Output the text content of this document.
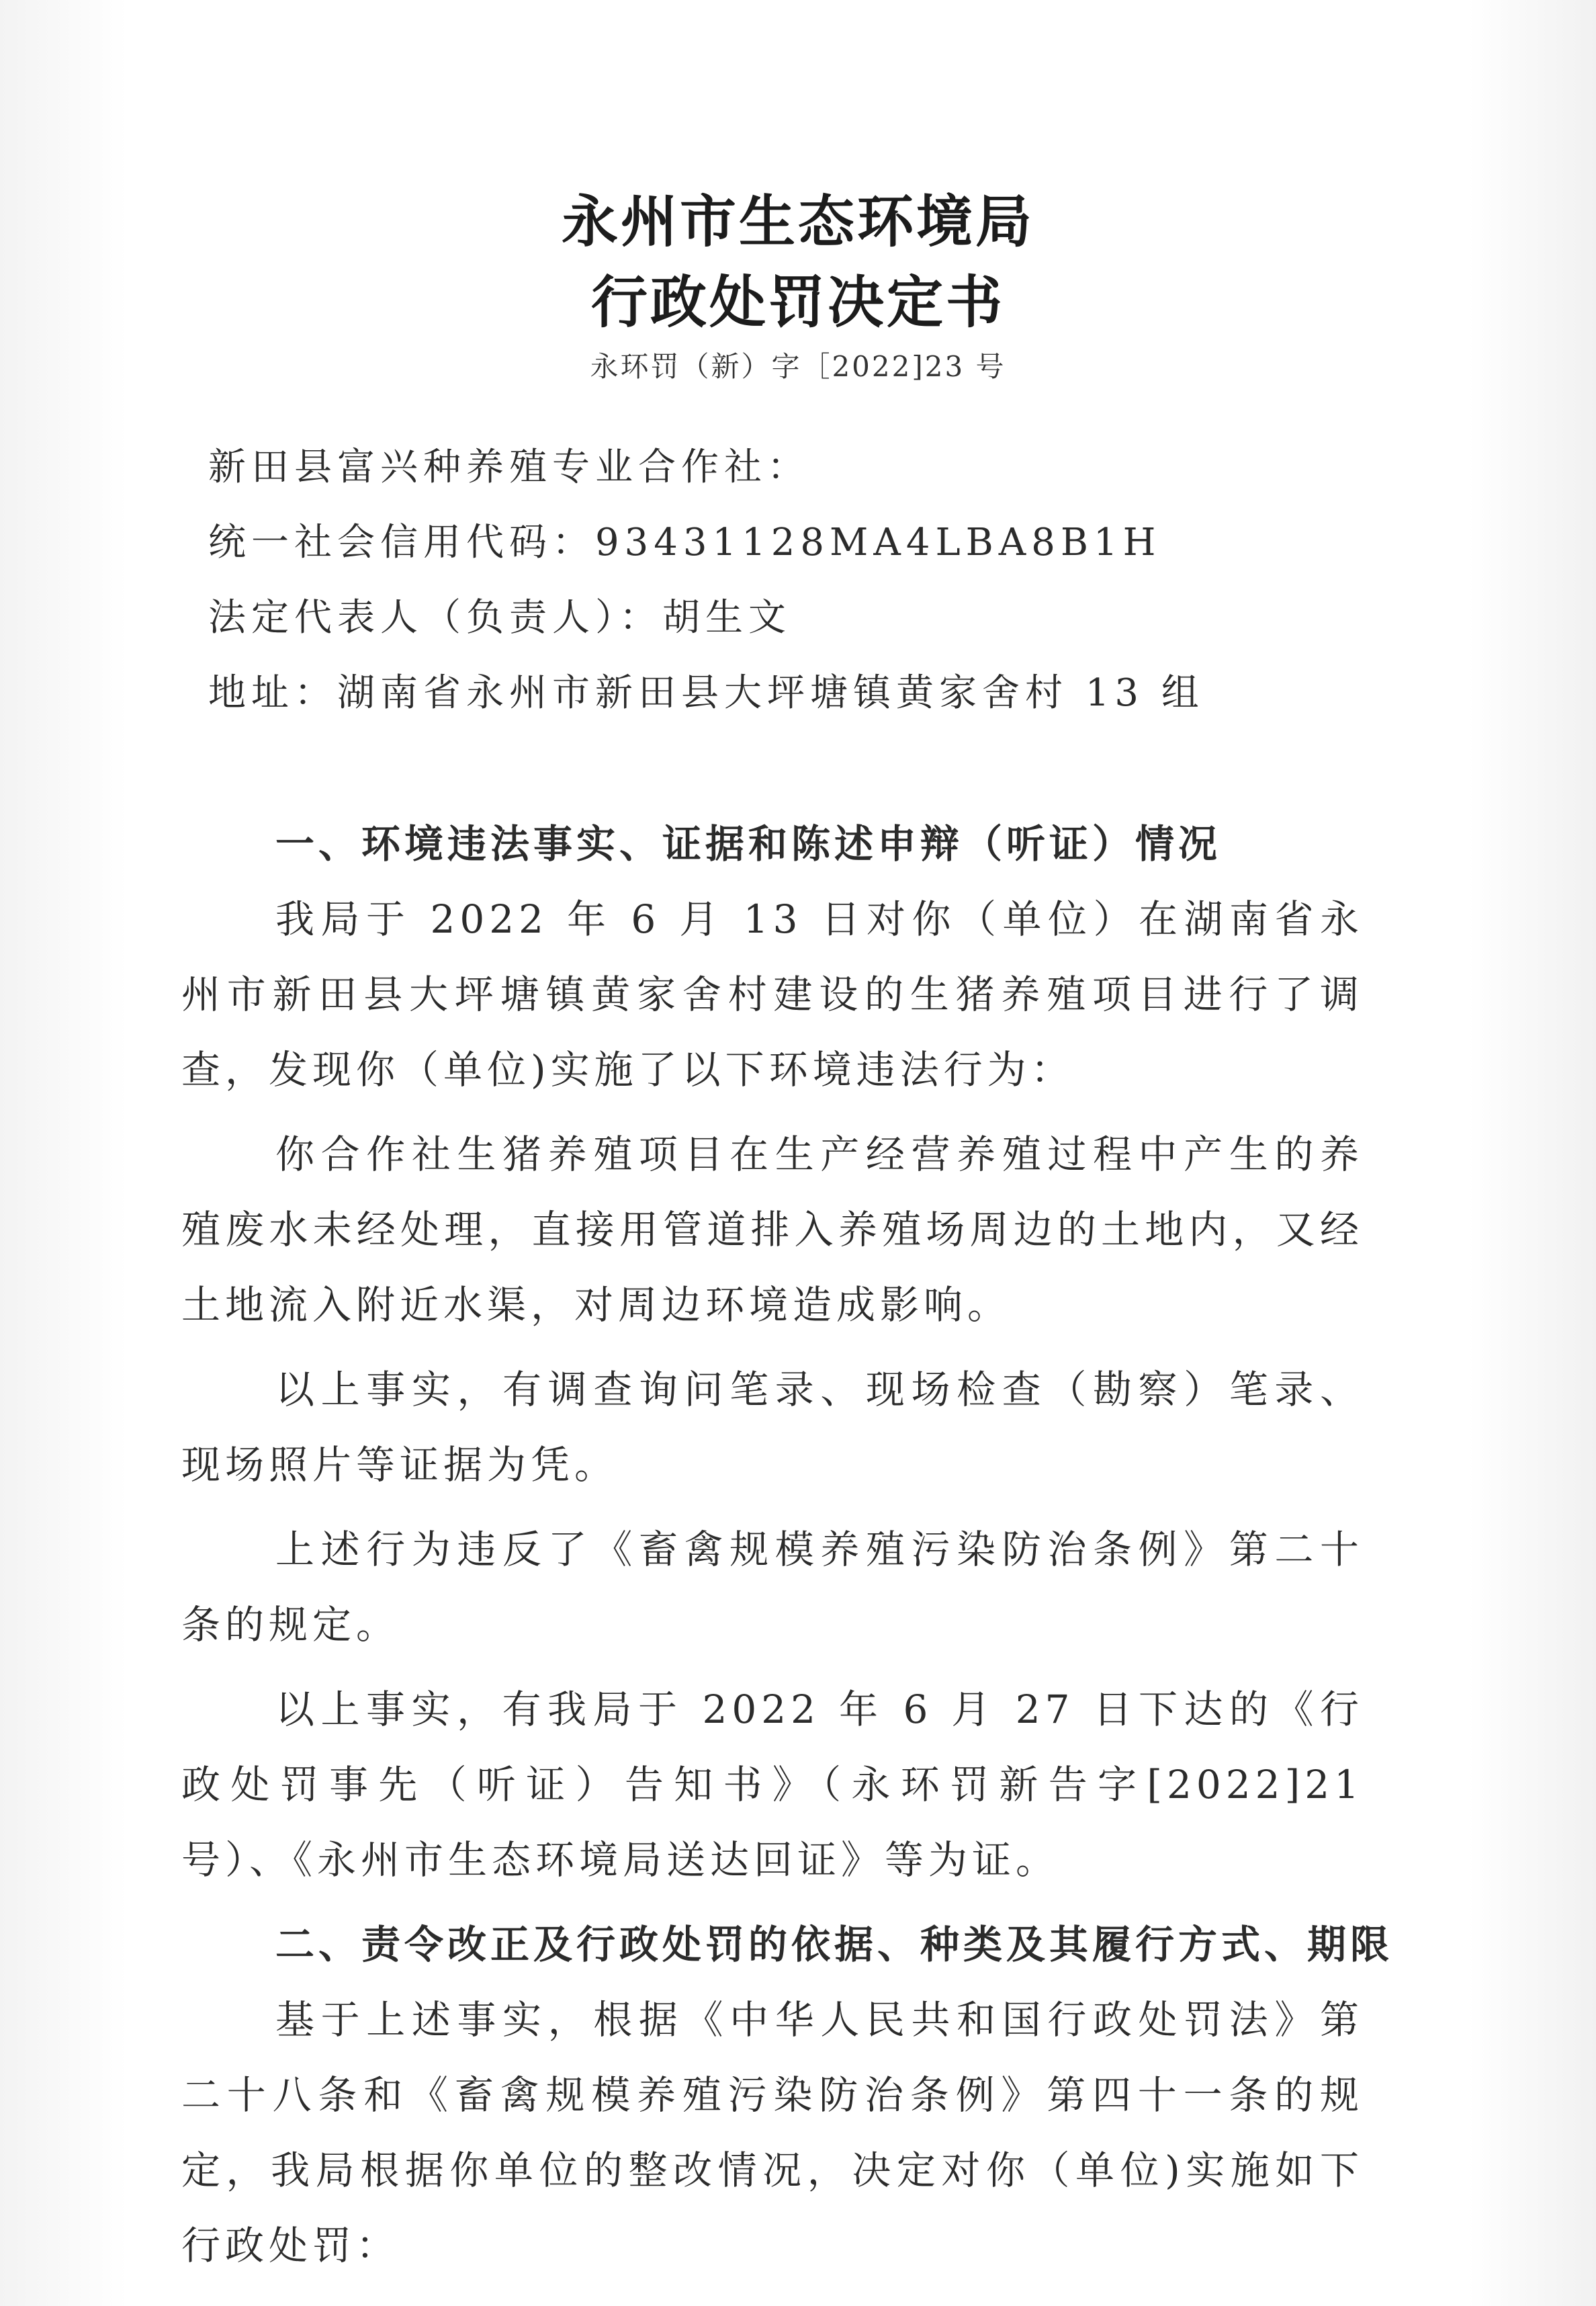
永州市生态环境局
行政处罚决定书
永环罚（新）字［2022]23 号
新田县富兴种养殖专业合作社：
统一社会信用代码：93431128MA4LBA8B1H
法定代表人（负责人）：胡生文
地址：湖南省永州市新田县大坪塘镇黄家舍村 13 组

一、环境违法事实、证据和陈述申辩（听证）情况

我局于 2022 年 6 月 13 日对你（单位）在湖南省永州市新田县大坪塘镇黄家舍村建设的生猪养殖项目进行了调查，发现你（单位)实施了以下环境违法行为：

你合作社生猪养殖项目在生产经营养殖过程中产生的养殖废水未经处理，直接用管道排入养殖场周边的土地内，又经土地流入附近水渠，对周边环境造成影响。

以上事实，有调查询问笔录、现场检查（勘察）笔录、现场照片等证据为凭。

上述行为违反了《畜禽规模养殖污染防治条例》第二十条的规定。

以上事实，有我局于 2022 年 6 月 27 日下达的《行政处罚事先（听证）告知书》（永环罚新告字[2022]21 号）、《永州市生态环境局送达回证》等为证。

二、责令改正及行政处罚的依据、种类及其履行方式、期限

基于上述事实，根据《中华人民共和国行政处罚法》第二十八条和《畜禽规模养殖污染防治条例》第四十一条的规定，我局根据你单位的整改情况，决定对你（单位)实施如下行政处罚：
